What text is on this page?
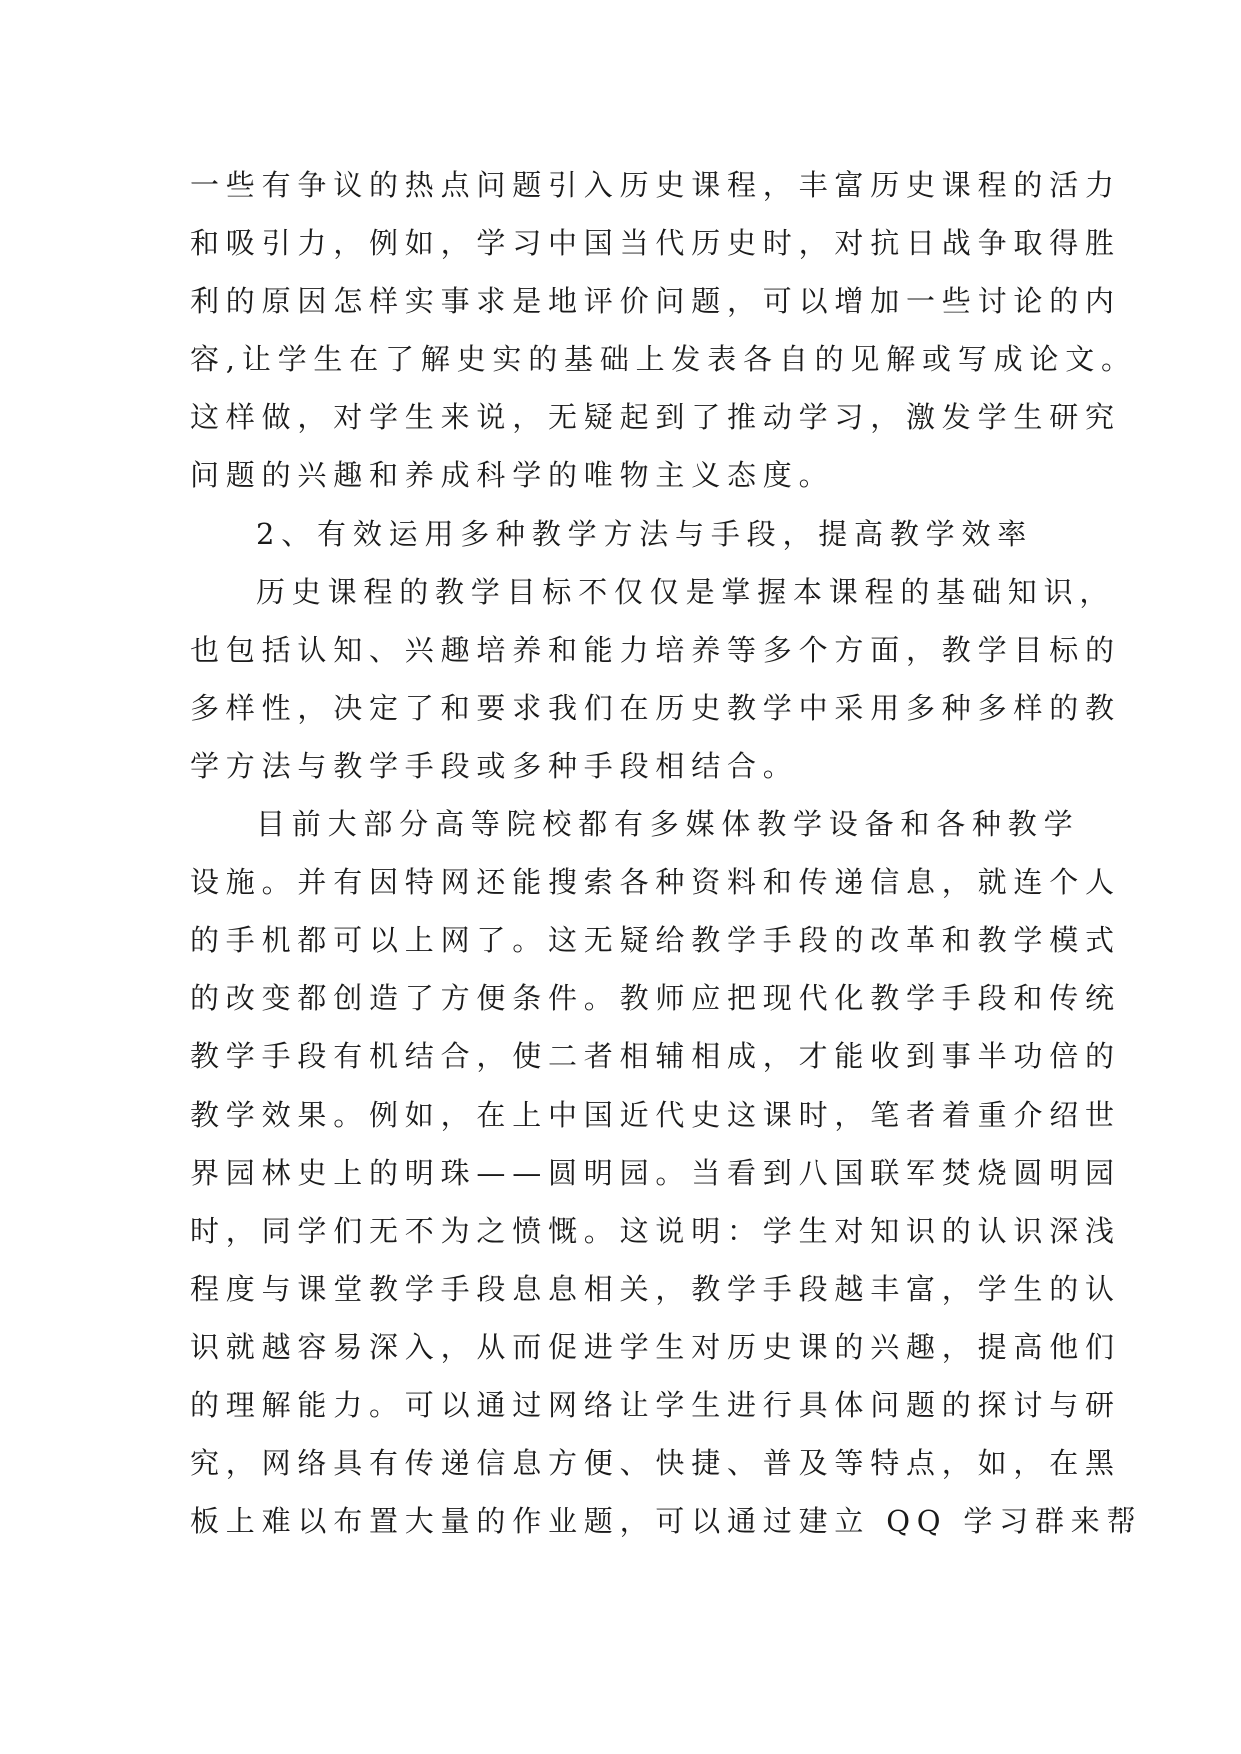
一些有争议的热点问题引入历史课程，丰富历史课程的活力
和吸引力，例如，学习中国当代历史时，对抗日战争取得胜
利的原因怎样实事求是地评价问题，可以增加一些讨论的内
容,让学生在了解史实的基础上发表各自的见解或写成论文。
这样做，对学生来说，无疑起到了推动学习，激发学生研究
问题的兴趣和养成科学的唯物主义态度。
2、有效运用多种教学方法与手段，提高教学效率
历史课程的教学目标不仅仅是掌握本课程的基础知识，
也包括认知、兴趣培养和能力培养等多个方面，教学目标的
多样性，决定了和要求我们在历史教学中采用多种多样的教
学方法与教学手段或多种手段相结合。
目前大部分高等院校都有多媒体教学设备和各种教学
设施。并有因特网还能搜索各种资料和传递信息，就连个人
的手机都可以上网了。这无疑给教学手段的改革和教学模式
的改变都创造了方便条件。教师应把现代化教学手段和传统
教学手段有机结合，使二者相辅相成，才能收到事半功倍的
教学效果。例如，在上中国近代史这课时，笔者着重介绍世
界园林史上的明珠——圆明园。当看到八国联军焚烧圆明园
时，同学们无不为之愤慨。这说明：学生对知识的认识深浅
程度与课堂教学手段息息相关，教学手段越丰富，学生的认
识就越容易深入，从而促进学生对历史课的兴趣，提高他们
的理解能力。可以通过网络让学生进行具体问题的探讨与研
究，网络具有传递信息方便、快捷、普及等特点，如，在黑
板上难以布置大量的作业题，可以通过建立 QQ 学习群来帮
